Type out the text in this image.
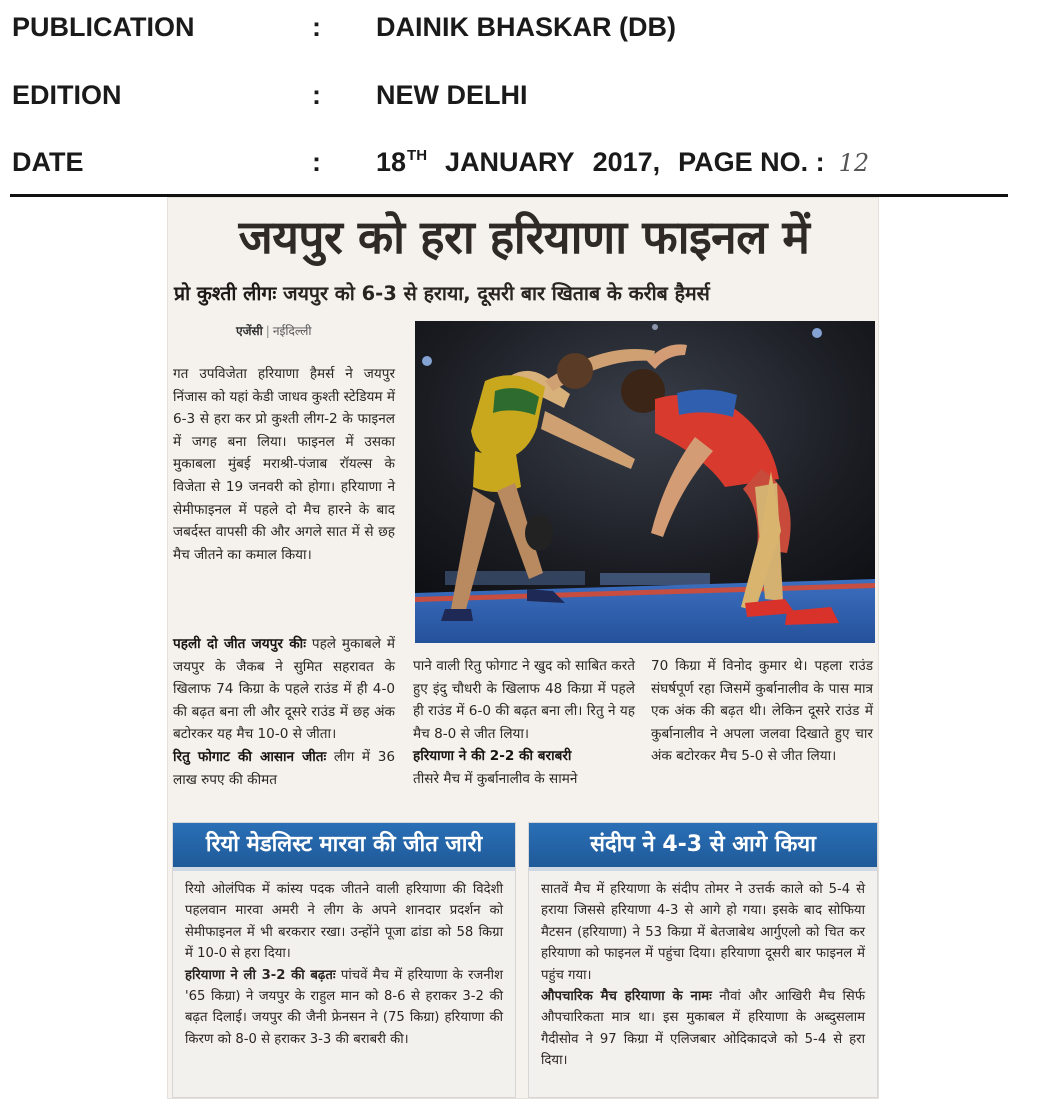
PUBLICATION	: DAINIK BHASKAR (DB)
EDITION	: NEW DELHI
DATE	: 18TH JANUARY 2017, PAGE NO. : 12
जयपुर को हरा हरियाणा फाइनल में
प्रो कुश्ती लीगः जयपुर को 6-3 से हराया, दूसरी बार खिताब के करीब हैमर्स
एजेंसी | नईदिल्ली

गत उपविजेता हरियाणा हैमर्स ने जयपुर निंजास को यहां केडी जाधव कुश्ती स्टेडियम में 6-3 से हरा कर प्रो कुश्ती लीग-2 के फाइनल में जगह बना लिया। फाइनल में उसका मुकाबला मुंबई मराश्री-पंजाब रॉयल्स के विजेता से 19 जनवरी को होगा। हरियाणा ने सेमीफाइनल में पहले दो मैच हारने के बाद जबर्दस्त वापसी की और अगले सात में से छह मैच जीतने का कमाल किया।

पहली दो जीत जयपुर कीः पहले मुकाबले में जयपुर के जैकब ने सुमित सहरावत के खिलाफ 74 किग्रा के पहले राउंड में ही 4-0 की बढ़त बना ली और दूसरे राउंड में छह अंक बटोरकर यह मैच 10-0 से जीता।

रितु फोगाट की आसान जीतः लीग में 36 लाख रुपए की कीमत

पाने वाली रितु फोगाट ने खुद को साबित करते हुए इंदु चौधरी के खिलाफ 48 किग्रा में पहले ही राउंड में 6-0 की बढ़त बना ली। रितु ने यह मैच 8-0 से जीत लिया।

हरियाणा ने की 2-2 की बराबरी
तीसरे मैच में कुर्बानालीव के सामने

70 किग्रा में विनोद कुमार थे। पहला राउंड संघर्षपूर्ण रहा जिसमें कुर्बानालीव के पास मात्र एक अंक की बढ़त थी। लेकिन दूसरे राउंड में कुर्बानालीव ने अपला जलवा दिखाते हुए चार अंक बटोरकर मैच 5-0 से जीत लिया।

रियो मेडलिस्ट मारवा की जीत जारी

रियो ओलंपिक में कांस्य पदक जीतने वाली हरियाणा की विदेशी पहलवान मारवा अमरी ने लीग के अपने शानदार प्रदर्शन को सेमीफाइनल में भी बरकरार रखा। उन्होंने पूजा ढांडा को 58 किग्रा में 10-0 से हरा दिया।

हरियाणा ने ली 3-2 की बढ़तः पांचवें मैच में हरियाणा के रजनीश '65 किग्रा) ने जयपुर के राहुल मान को 8-6 से हराकर 3-2 की बढ़त दिलाई। जयपुर की जैनी फ्रेनसन ने (75 किग्रा) हरियाणा की किरण को 8-0 से हराकर 3-3 की बराबरी की।

संदीप ने 4-3 से आगे किया

सातवें मैच में हरियाणा के संदीप तोमर ने उत्तर्क काले को 5-4 से हराया जिससे हरियाणा 4-3 से आगे हो गया। इसके बाद सोफिया मैटसन (हरियाणा) ने 53 किग्रा में बेतजाबेथ आर्गुएलो को चित कर हरियाणा को फाइनल में पहुंचा दिया। हरियाणा दूसरी बार फाइनल में पहुंच गया।

औपचारिक मैच हरियाणा के नामः नौवां और आखिरी मैच सिर्फ औपचारिकता मात्र था। इस मुकाबल में हरियाणा के अब्दुसलाम गैदीसोव ने 97 किग्रा में एलिजबार ओदिकादजे को 5-4 से हरा दिया।
